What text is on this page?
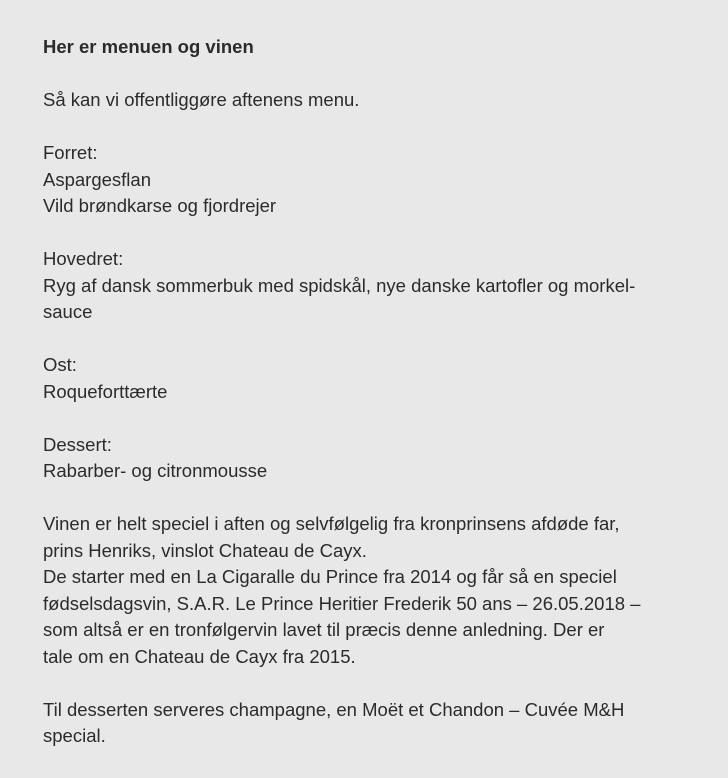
Her er menuen og vinen
Så kan vi offentliggøre aftenens menu.
Forret:
Aspargesflan
Vild brøndkarse og fjordrejer
Hovedret:
Ryg af dansk sommerbuk med spidskål, nye danske kartofler og morkel-
sauce
Ost:
Roqueforttærte
Dessert:
Rabarber- og citronmousse
Vinen er helt speciel i aften og selvfølgelig fra kronprinsens afdøde far,
prins Henriks, vinslot Chateau de Cayx.
De starter med en La Cigaralle du Prince fra 2014 og får så en speciel
fødselsdagsvin, S.A.R. Le Prince Heritier Frederik 50 ans – 26.05.2018 –
som altså er en tronfølgervin lavet til præcis denne anledning. Der er
tale om en Chateau de Cayx fra 2015.
Til desserten serveres champagne, en Moët et Chandon – Cuvée M&H
special.
